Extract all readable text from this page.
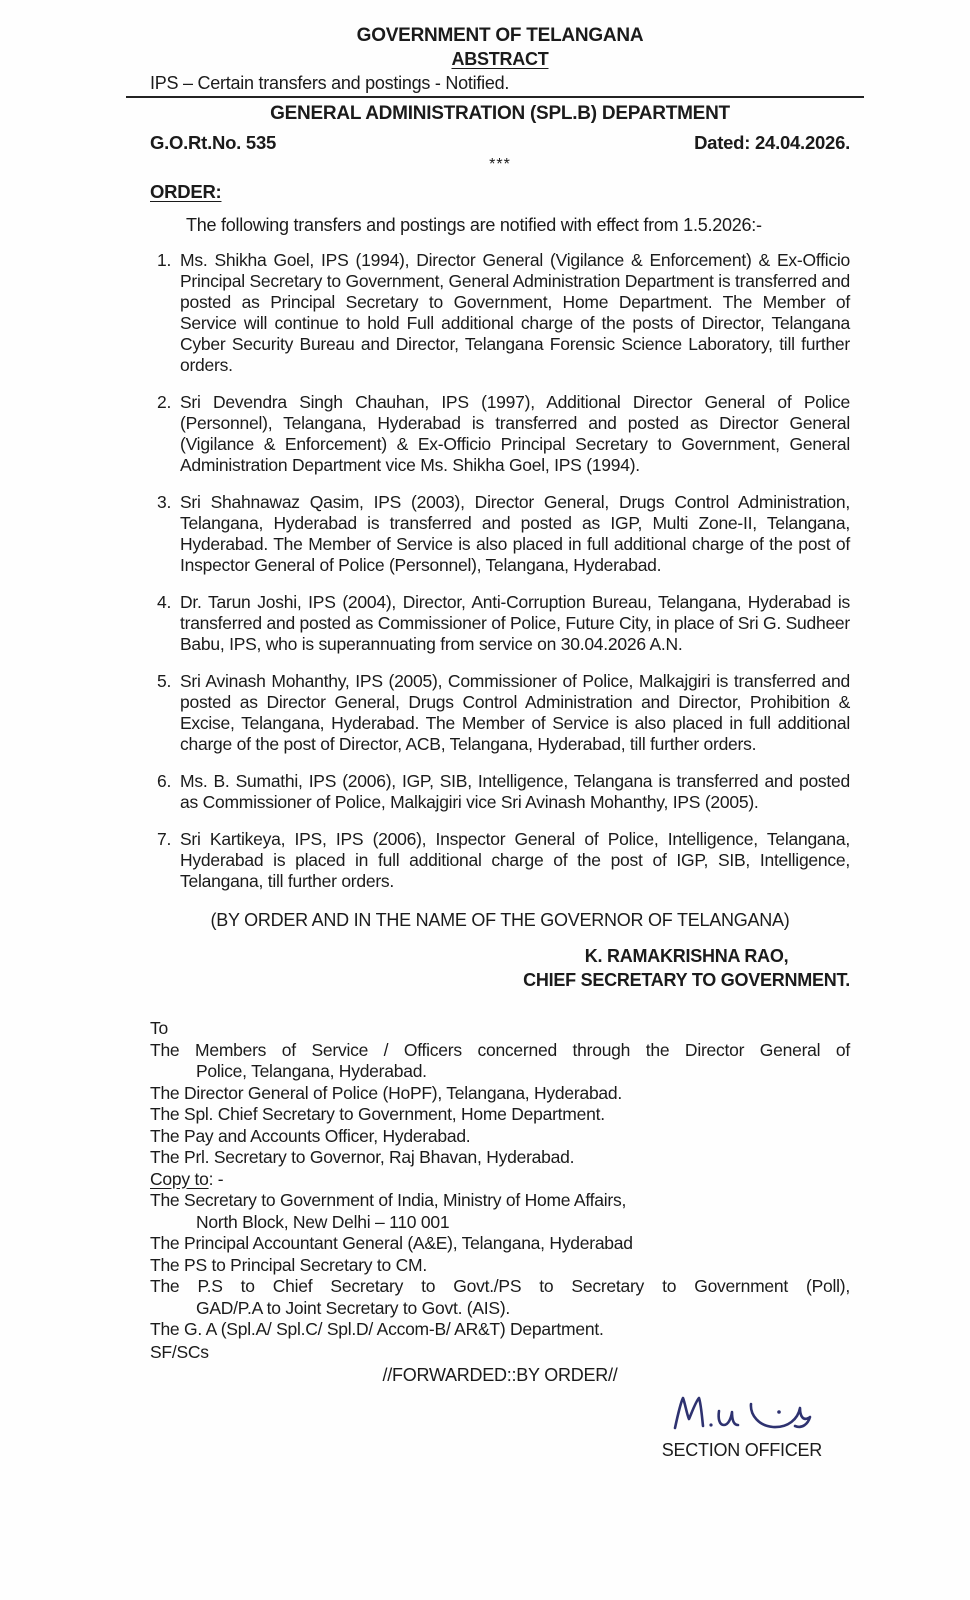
GOVERNMENT OF TELANGANA
ABSTRACT
IPS – Certain transfers and postings - Notified.
GENERAL ADMINISTRATION (SPL.B) DEPARTMENT
G.O.Rt.No. 535	Dated: 24.04.2026.
***
ORDER:
The following transfers and postings are notified with effect from 1.5.2026:-
1. Ms. Shikha Goel, IPS (1994), Director General (Vigilance & Enforcement) & Ex-Officio Principal Secretary to Government, General Administration Department is transferred and posted as Principal Secretary to Government, Home Department. The Member of Service will continue to hold Full additional charge of the posts of Director, Telangana Cyber Security Bureau and Director, Telangana Forensic Science Laboratory, till further orders.
2. Sri Devendra Singh Chauhan, IPS (1997), Additional Director General of Police (Personnel), Telangana, Hyderabad is transferred and posted as Director General (Vigilance & Enforcement) & Ex-Officio Principal Secretary to Government, General Administration Department vice Ms. Shikha Goel, IPS (1994).
3. Sri Shahnawaz Qasim, IPS (2003), Director General, Drugs Control Administration, Telangana, Hyderabad is transferred and posted as IGP, Multi Zone-II, Telangana, Hyderabad. The Member of Service is also placed in full additional charge of the post of Inspector General of Police (Personnel), Telangana, Hyderabad.
4. Dr. Tarun Joshi, IPS (2004), Director, Anti-Corruption Bureau, Telangana, Hyderabad is transferred and posted as Commissioner of Police, Future City, in place of Sri G. Sudheer Babu, IPS, who is superannuating from service on 30.04.2026 A.N.
5. Sri Avinash Mohanthy, IPS (2005), Commissioner of Police, Malkajgiri is transferred and posted as Director General, Drugs Control Administration and Director, Prohibition & Excise, Telangana, Hyderabad. The Member of Service is also placed in full additional charge of the post of Director, ACB, Telangana, Hyderabad, till further orders.
6. Ms. B. Sumathi, IPS (2006), IGP, SIB, Intelligence, Telangana is transferred and posted as Commissioner of Police, Malkajgiri vice Sri Avinash Mohanthy, IPS (2005).
7. Sri Kartikeya, IPS, IPS (2006), Inspector General of Police, Intelligence, Telangana, Hyderabad is placed in full additional charge of the post of IGP, SIB, Intelligence, Telangana, till further orders.
(BY ORDER AND IN THE NAME OF THE GOVERNOR OF TELANGANA)
K. RAMAKRISHNA RAO,
CHIEF SECRETARY TO GOVERNMENT.
To
The Members of Service / Officers concerned through the Director General of
Police, Telangana, Hyderabad.
The Director General of Police (HoPF), Telangana, Hyderabad.
The Spl. Chief Secretary to Government, Home Department.
The Pay and Accounts Officer, Hyderabad.
The Prl. Secretary to Governor, Raj Bhavan, Hyderabad.
Copy to: -
The Secretary to Government of India, Ministry of Home Affairs,
North Block, New Delhi – 110 001
The Principal Accountant General (A&E), Telangana, Hyderabad
The PS to Principal Secretary to CM.
The P.S to Chief Secretary to Govt./PS to Secretary to Government (Poll),
GAD/P.A to Joint Secretary to Govt. (AIS).
The G. A (Spl.A/ Spl.C/ Spl.D/ Accom-B/ AR&T) Department.
SF/SCs
//FORWARDED::BY ORDER//
SECTION OFFICER
